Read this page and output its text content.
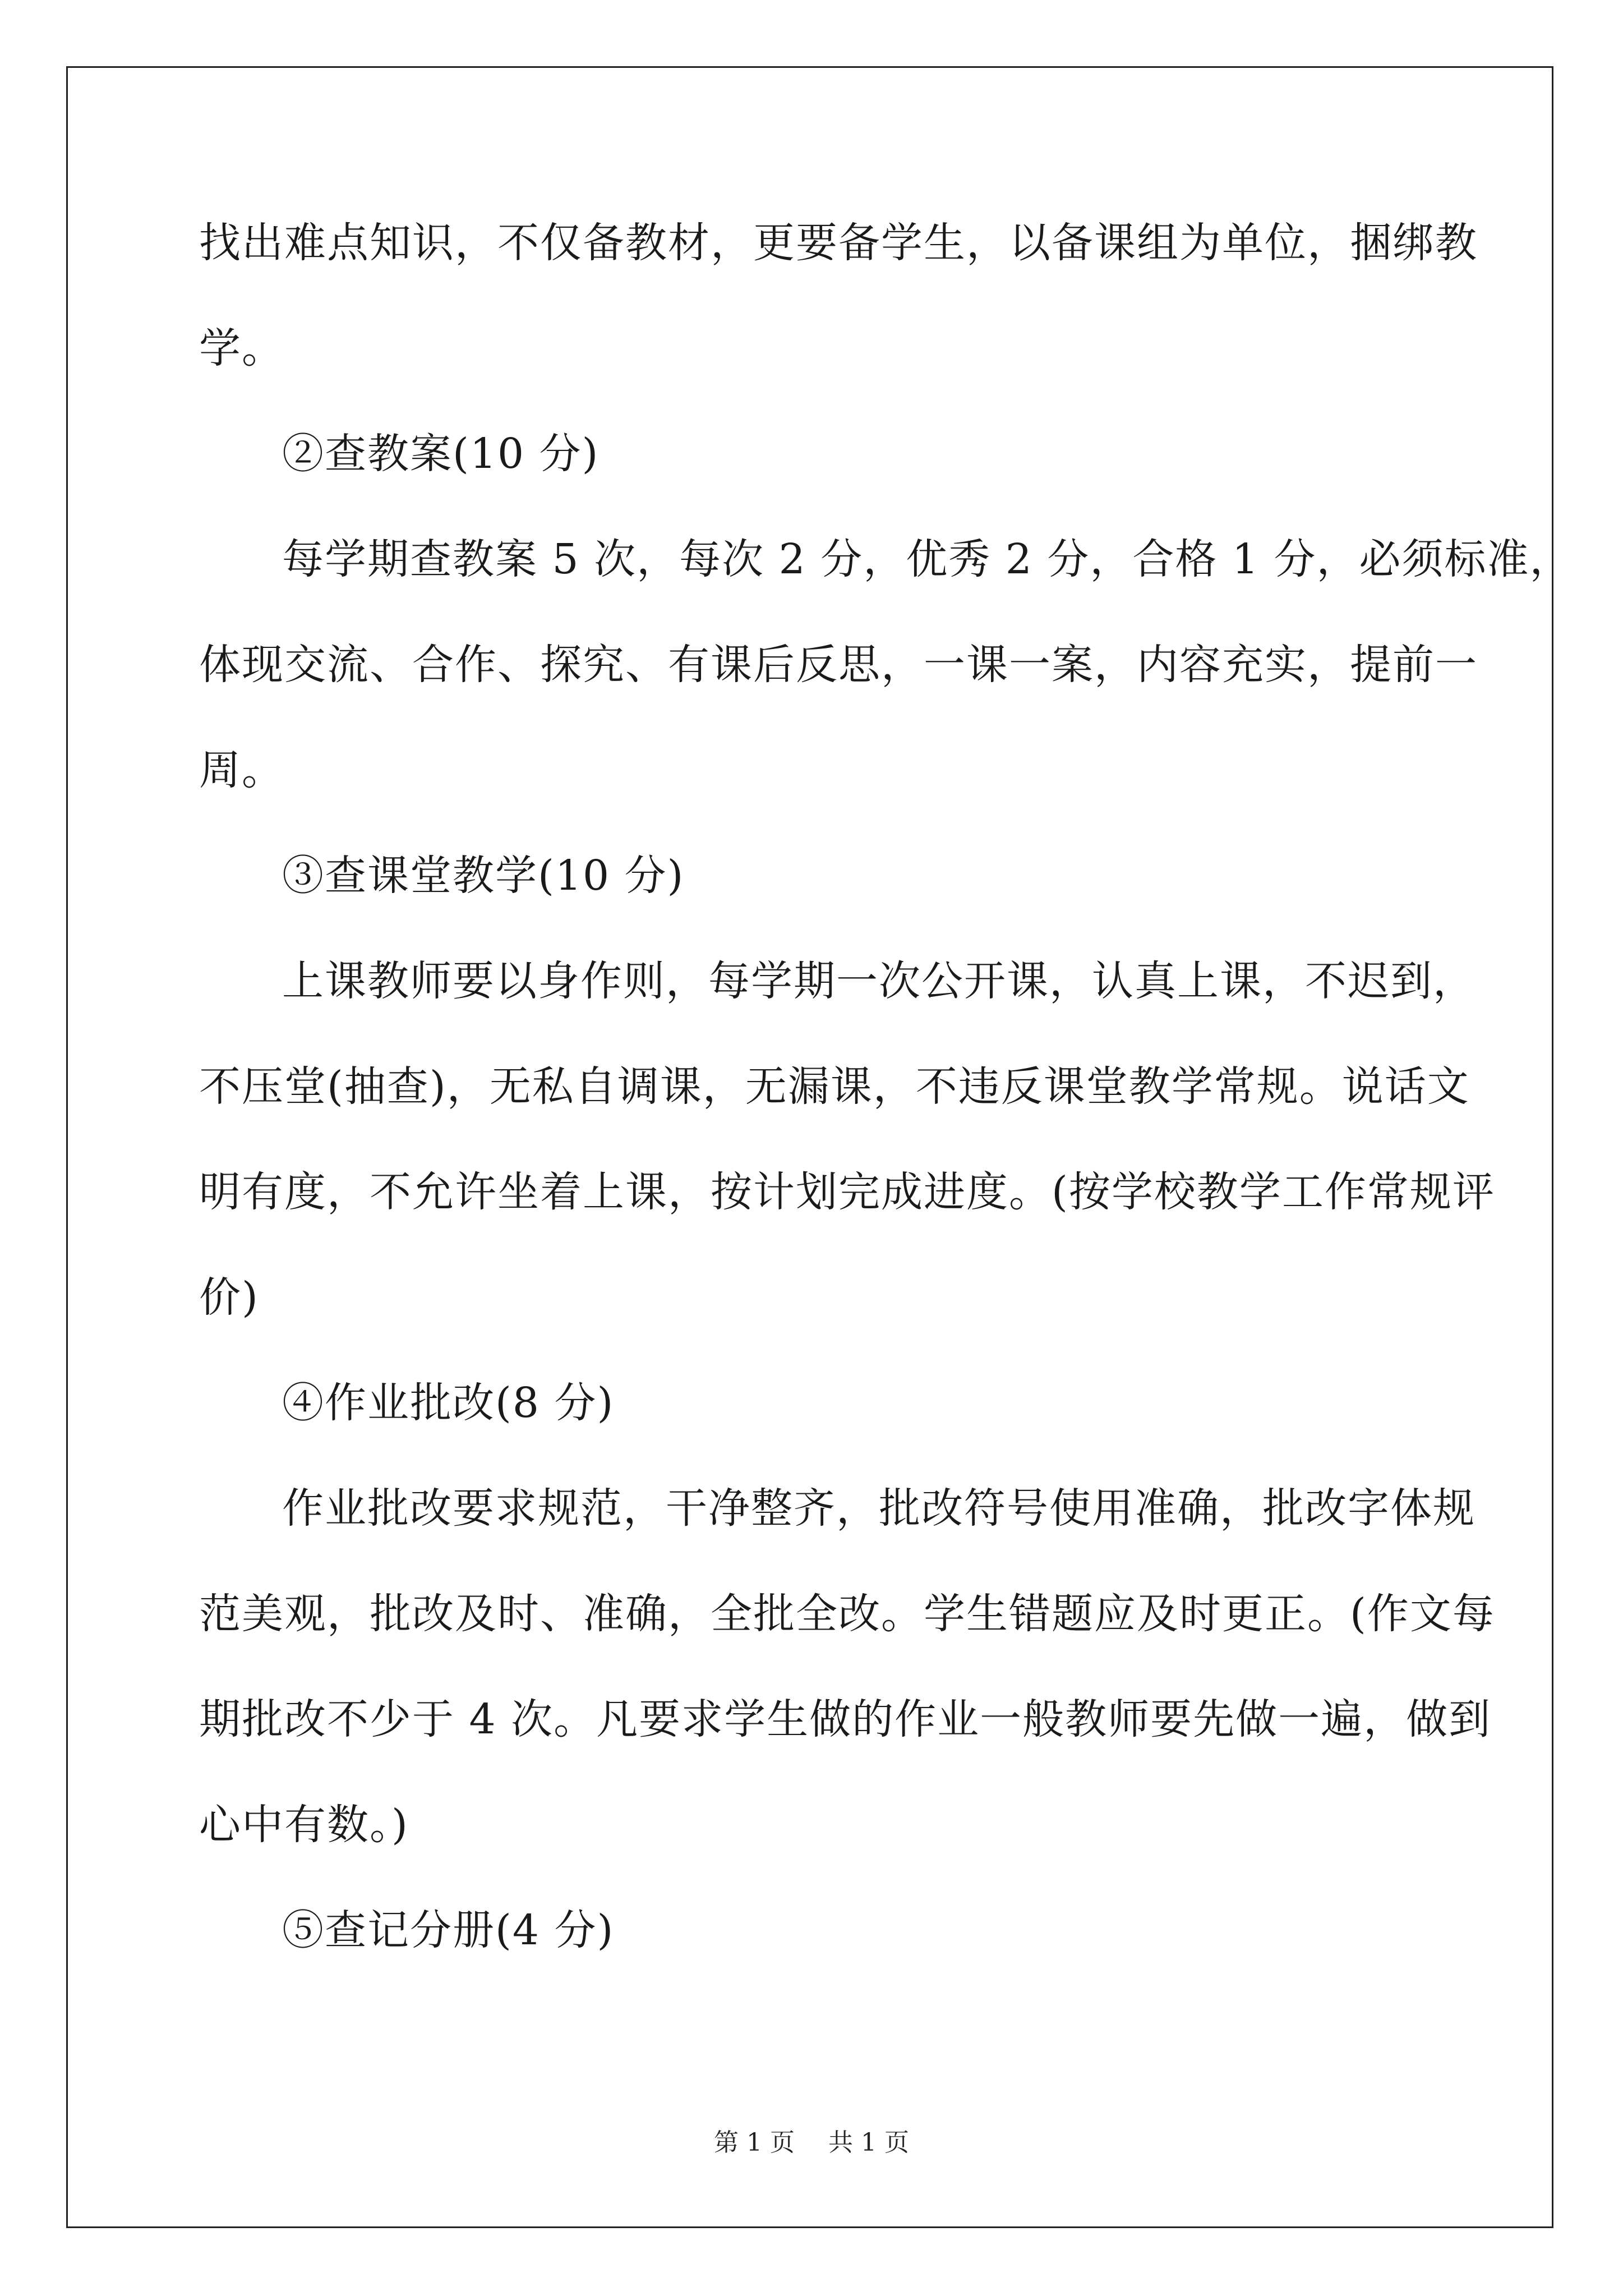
找出难点知识，不仅备教材，更要备学生，以备课组为单位，捆绑教
学。
②查教案(10 分)
每学期查教案 5 次，每次 2 分，优秀 2 分，合格 1 分，必须标准，
体现交流、合作、探究、有课后反思，一课一案，内容充实，提前一
周。
③查课堂教学(10 分)
上课教师要以身作则，每学期一次公开课，认真上课，不迟到，
不压堂(抽查)，无私自调课，无漏课，不违反课堂教学常规。说话文
明有度，不允许坐着上课，按计划完成进度。(按学校教学工作常规评
价)
④作业批改(8 分)
作业批改要求规范，干净整齐，批改符号使用准确，批改字体规
范美观，批改及时、准确，全批全改。学生错题应及时更正。(作文每
期批改不少于 4 次。凡要求学生做的作业一般教师要先做一遍，做到
心中有数。)
⑤查记分册(4 分)
第 1 页 共 1 页
